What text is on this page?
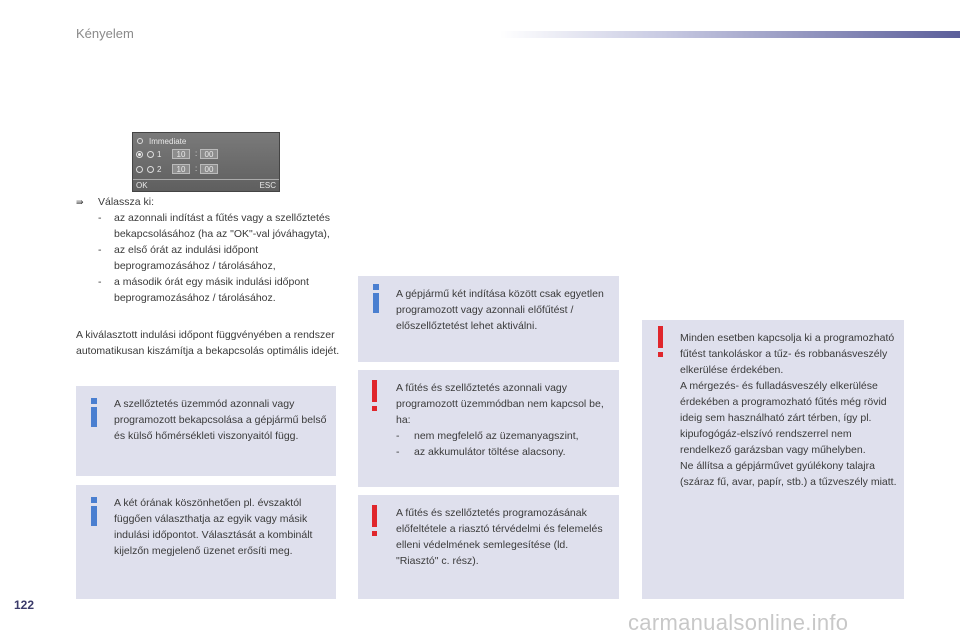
Kényelem
Immediate
1	10	: 00
2	10	: 00
OK	ESC
⇛ Válassza ki:
- az azonnali indítást a fűtés vagy a szellőztetés bekapcsolásához (ha az "OK"-val jóváhagyta),
- az első órát az indulási időpont beprogramozásához / tárolásához,
- a második órát egy másik indulási időpont beprogramozásához / tárolásához.
A kiválasztott indulási időpont függvényében a rendszer automatikusan kiszámítja a bekapcsolás optimális idejét.
A szellőztetés üzemmód azonnali vagy programozott bekapcsolása a gépjármű belső és külső hőmérsékleti viszonyaitól függ.
A két órának köszönhetően pl. évszaktól függően választhatja az egyik vagy másik indulási időpontot. Választását a kombinált kijelzőn megjelenő üzenet erősíti meg.
A gépjármű két indítása között csak egyetlen programozott vagy azonnali előfűtést / előszellőztetést lehet aktiválni.
A fűtés és szellőztetés azonnali vagy programozott üzemmódban nem kapcsol be, ha:
- nem megfelelő az üzemanyagszint,
- az akkumulátor töltése alacsony.
A fűtés és szellőztetés programozásának előfeltétele a riasztó térvédelmi és felemelés elleni védelmének semlegesítése (ld. "Riasztó" c. rész).
Minden esetben kapcsolja ki a programozható fűtést tankoláskor a tűz- és robbanásveszély elkerülése érdekében.
A mérgezés- és fulladásveszély elkerülése érdekében a programozható fűtés még rövid ideig sem használható zárt térben, így pl. kipufogógáz-elszívó rendszerrel nem rendelkező garázsban vagy műhelyben.
Ne állítsa a gépjárművet gyúlékony talajra (száraz fű, avar, papír, stb.) a tűzveszély miatt.
122
carmanualsonline.info
